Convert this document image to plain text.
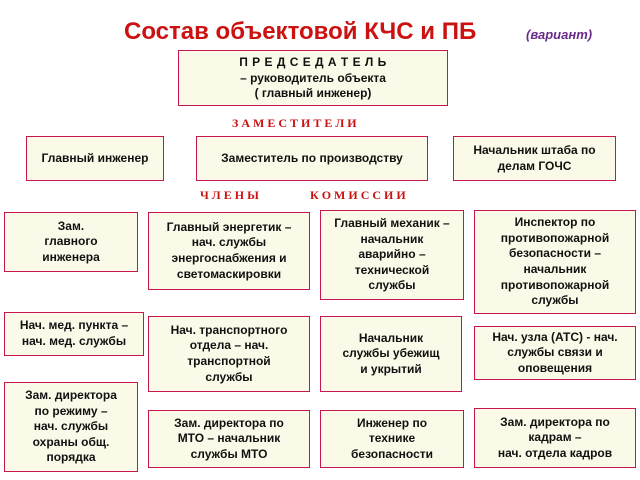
Состав объектовой КЧС и ПБ	(вариант)
П Р Е Д С Е Д А Т Е Л Ь
– руководитель объекта
( главный инженер)
З А М Е С Т И Т Е Л И
Главный инженер	Заместитель по производству
Начальник штаба по делам ГОЧС
Ч Л Е Н Ы	К О М И С С И И
Зам.
главного
инженера
Главный энергетик –
нач. службы
энергоснабжения и
светомаскировки
Главный механик –
начальник
аварийно –
технической
службы
Инспектор по
противопожарной
безопасности –
начальник
противопожарной
службы
Нач. мед. пункта –
нач. мед. службы
Нач. транспортного
отдела – нач.
транспортной
службы
Начальник
службы убежищ
и укрытий
Нач. узла (АТС) - нач.
службы связи и
оповещения
Зам. директора
по режиму –
нач. службы
охраны общ.
порядка
Зам. директора по
МТО – начальник
службы МТО
Инженер по
технике
безопасности
Зам. директора по
кадрам –
нач. отдела кадров
